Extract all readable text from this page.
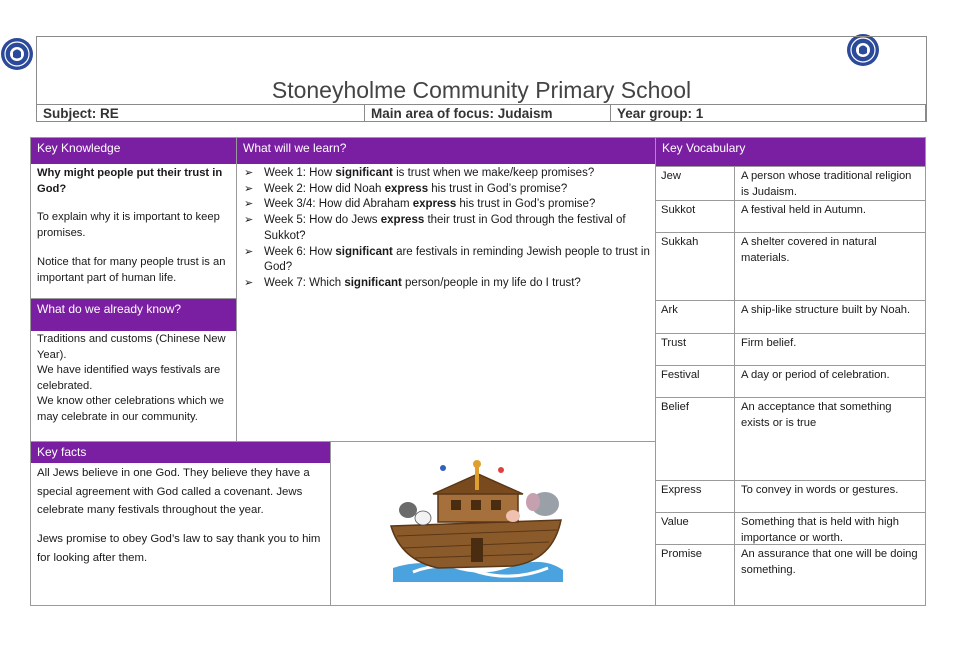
Stoneyholme Community Primary School
Subject: RE	Main area of focus: Judaism	Year group: 1
Key Knowledge
Why might people put their trust in God?
To explain why it is important to keep promises.
Notice that for many people trust is an important part of human life.
What do we already know?
Traditions and customs (Chinese New Year).
We have identified ways festivals are celebrated.
We know other celebrations which we may celebrate in our community.
What will we learn?
➢ Week 1: How significant is trust when we make/keep promises?
➢ Week 2: How did Noah express his trust in God’s promise?
➢ Week 3/4: How did Abraham express his trust in God’s promise?
➢ Week 5: How do Jews express their trust in God through the festival of Sukkot?
➢ Week 6: How significant are festivals in reminding Jewish people to trust in God?
➢ Week 7: Which significant person/people in my life do I trust?
Key facts
All Jews believe in one God. They believe they have a special agreement with God called a covenant. Jews celebrate many festivals throughout the year.
Jews promise to obey God’s law to say thank you to him for looking after them.
Key Vocabulary
Jew	A person whose traditional religion is Judaism.
Sukkot	A festival held in Autumn.
Sukkah	A shelter covered in natural materials.
Ark	A ship-like structure built by Noah.
Trust	Firm belief.
Festival	A day or period of celebration.
Belief	An acceptance that something exists or is true
Express	To convey in words or gestures.
Value	Something that is held with high importance or worth.
Promise	An assurance that one will be doing something.
